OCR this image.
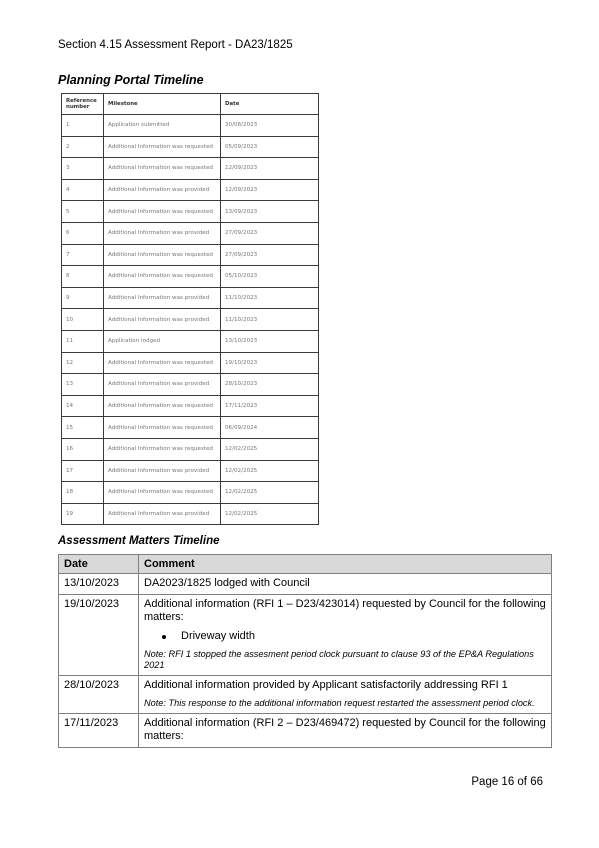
Section 4.15 Assessment Report - DA23/1825
Planning Portal Timeline
Reference number	Milestone	Date
1	Application submitted	30/08/2023
2	Additional Information was requested	05/09/2023
3	Additional Information was requested	12/09/2023
4	Additional Information was provided	12/09/2023
5	Additional Information was requested	13/09/2023
6	Additional Information was provided	27/09/2023
7	Additional Information was requested	27/09/2023
8	Additional Information was requested	05/10/2023
9	Additional Information was provided	11/10/2023
10	Additional Information was provided	11/10/2023
11	Application lodged	13/10/2023
12	Additional Information was requested	19/10/2023
13	Additional Information was provided	28/10/2023
14	Additional Information was requested	17/11/2023
15	Additional Information was requested	06/09/2024
16	Additional Information was requested	12/02/2025
17	Additional Information was provided	12/02/2025
18	Additional Information was requested	12/02/2025
19	Additional Information was provided	12/02/2025
Assessment Matters Timeline
Date	Comment
13/10/2023	DA2023/1825 lodged with Council

19/10/2023	Additional information (RFI 1 – D23/423014) requested by Council for the following matters:
Driveway width
Note: RFI 1 stopped the assesment period clock pursuant to clause 93 of the EP&A Regulations 2021

28/10/2023	Additional information provided by Applicant satisfactorily addressing RFI 1
Note: This response to the additional information request restarted the assessment period clock.

17/11/2023	Additional information (RFI 2 – D23/469472) requested by Council for the following matters:
Page 16 of 66
